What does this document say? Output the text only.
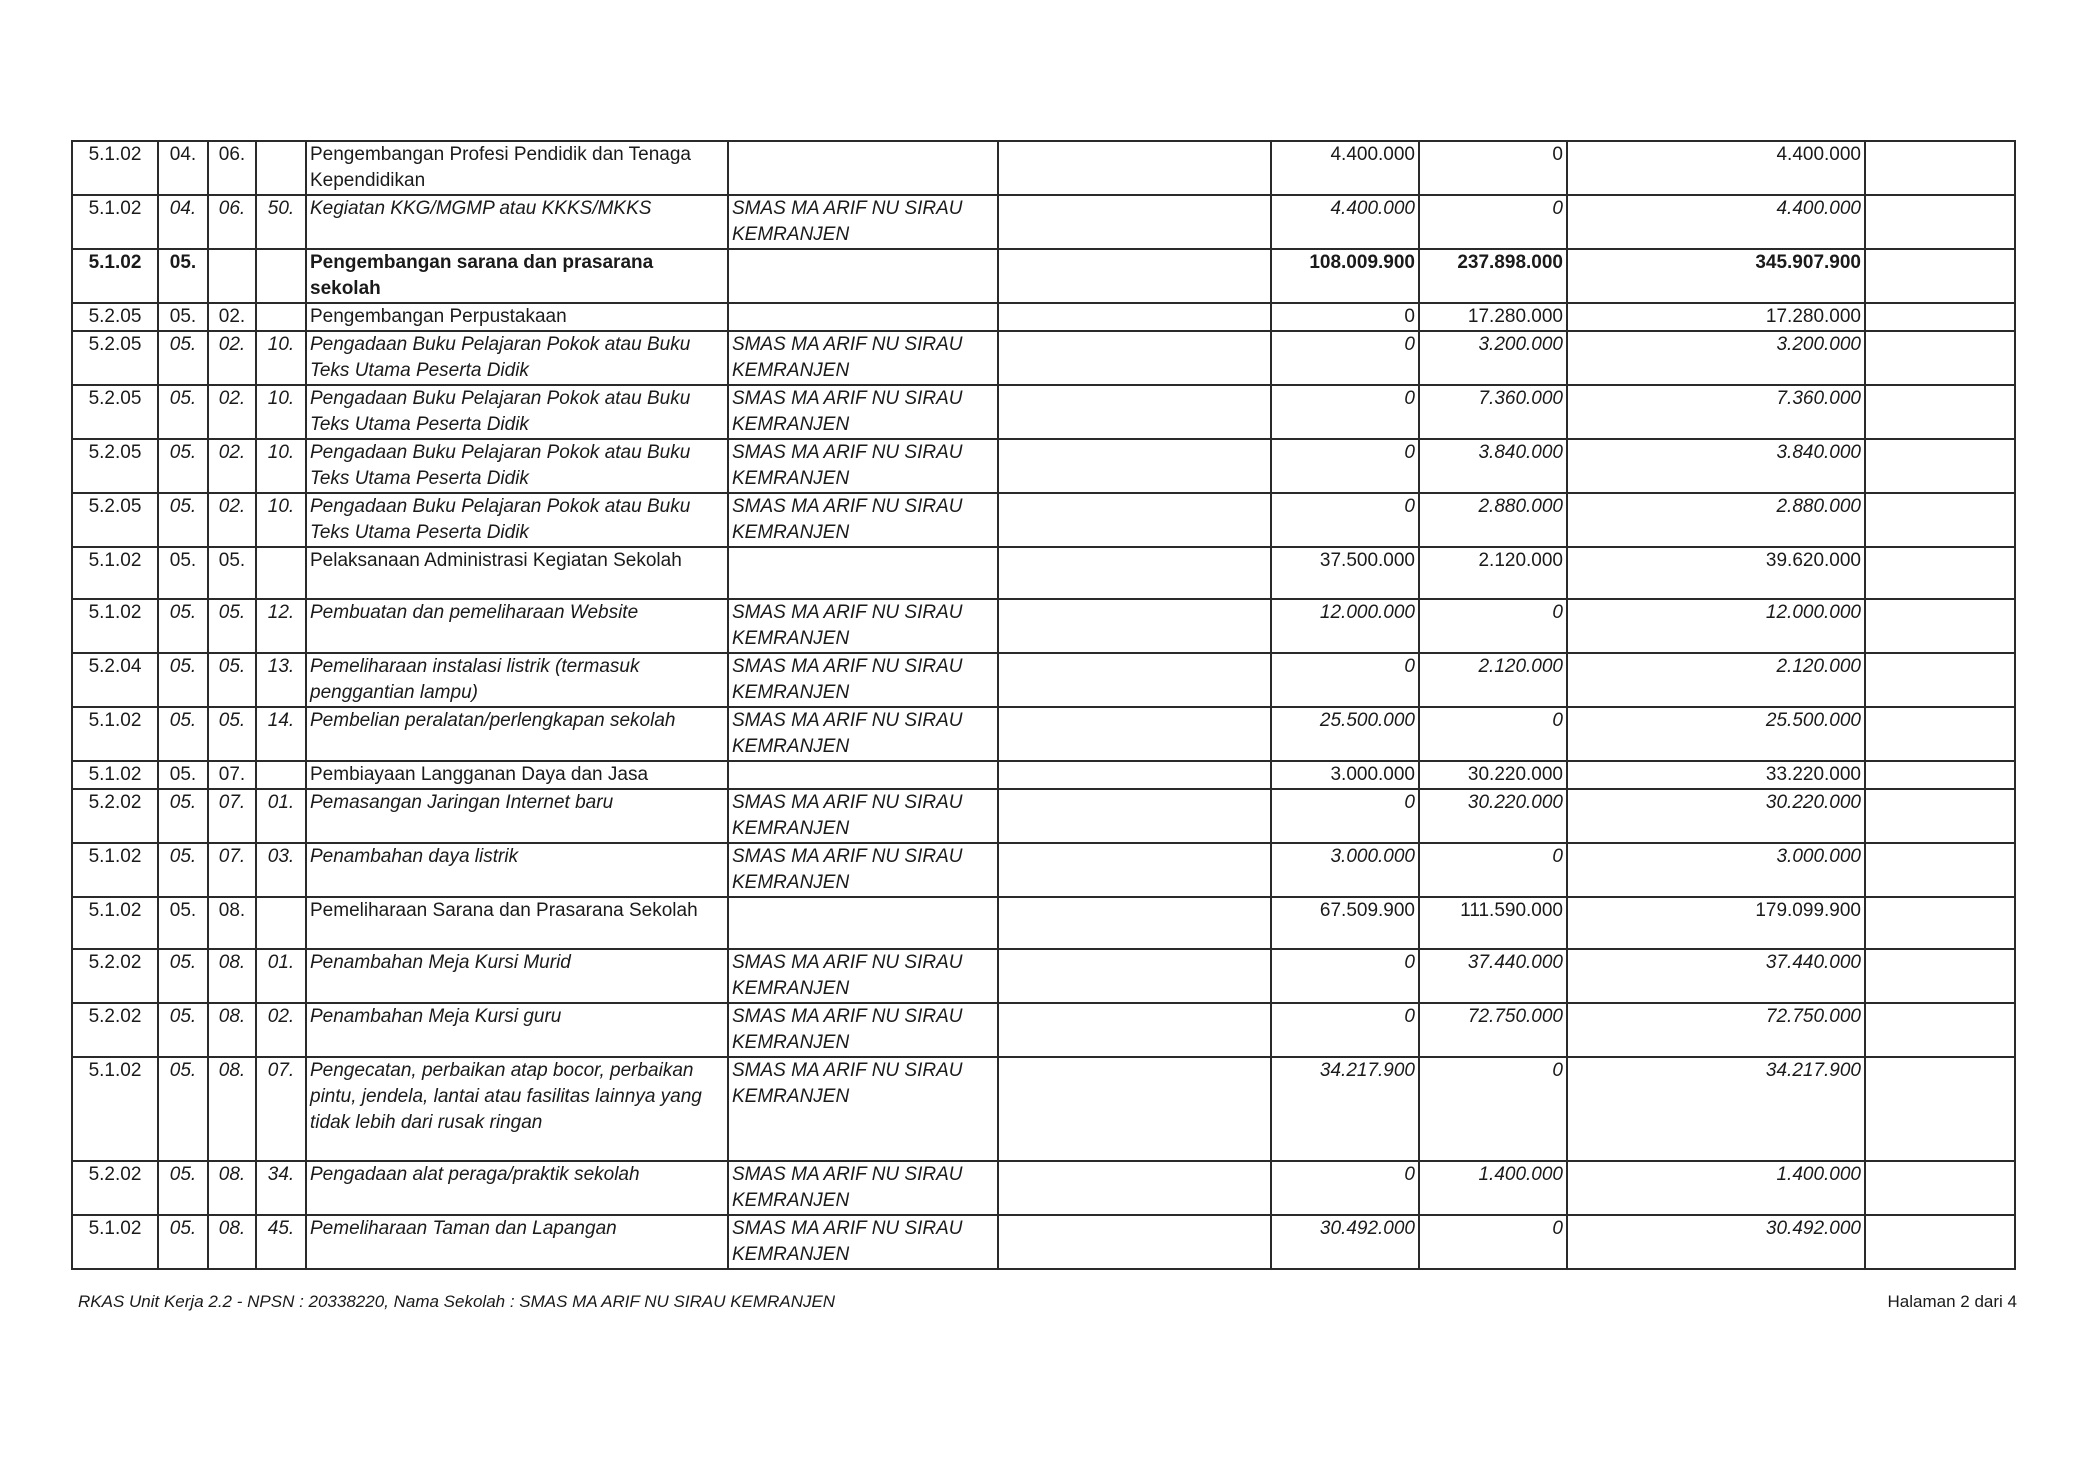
5.1.02	04.	06.		Pengembangan Profesi Pendidik dan Tenaga Kependidikan			4.400.000	0	4.400.000	
5.1.02	04.	06.	50.	Kegiatan KKG/MGMP atau KKKS/MKKS	SMAS MA ARIF NU SIRAU KEMRANJEN		4.400.000	0	4.400.000	
5.1.02	05.			Pengembangan sarana dan prasarana sekolah			108.009.900	237.898.000	345.907.900	
5.2.05	05.	02.		Pengembangan Perpustakaan			0	17.280.000	17.280.000	
5.2.05	05.	02.	10.	Pengadaan Buku Pelajaran Pokok atau Buku Teks Utama Peserta Didik	SMAS MA ARIF NU SIRAU KEMRANJEN		0	3.200.000	3.200.000	
5.2.05	05.	02.	10.	Pengadaan Buku Pelajaran Pokok atau Buku Teks Utama Peserta Didik	SMAS MA ARIF NU SIRAU KEMRANJEN		0	7.360.000	7.360.000	
5.2.05	05.	02.	10.	Pengadaan Buku Pelajaran Pokok atau Buku Teks Utama Peserta Didik	SMAS MA ARIF NU SIRAU KEMRANJEN		0	3.840.000	3.840.000	
5.2.05	05.	02.	10.	Pengadaan Buku Pelajaran Pokok atau Buku Teks Utama Peserta Didik	SMAS MA ARIF NU SIRAU KEMRANJEN		0	2.880.000	2.880.000	
5.1.02	05.	05.		Pelaksanaan Administrasi Kegiatan Sekolah			37.500.000	2.120.000	39.620.000	
5.1.02	05.	05.	12.	Pembuatan dan pemeliharaan Website	SMAS MA ARIF NU SIRAU KEMRANJEN		12.000.000	0	12.000.000	
5.2.04	05.	05.	13.	Pemeliharaan instalasi listrik (termasuk penggantian lampu)	SMAS MA ARIF NU SIRAU KEMRANJEN		0	2.120.000	2.120.000	
5.1.02	05.	05.	14.	Pembelian peralatan/perlengkapan sekolah	SMAS MA ARIF NU SIRAU KEMRANJEN		25.500.000	0	25.500.000	
5.1.02	05.	07.		Pembiayaan Langganan Daya dan Jasa			3.000.000	30.220.000	33.220.000	
5.2.02	05.	07.	01.	Pemasangan Jaringan Internet baru	SMAS MA ARIF NU SIRAU KEMRANJEN		0	30.220.000	30.220.000	
5.1.02	05.	07.	03.	Penambahan daya listrik	SMAS MA ARIF NU SIRAU KEMRANJEN		3.000.000	0	3.000.000	
5.1.02	05.	08.		Pemeliharaan Sarana dan Prasarana Sekolah			67.509.900	111.590.000	179.099.900	
5.2.02	05.	08.	01.	Penambahan Meja Kursi Murid	SMAS MA ARIF NU SIRAU KEMRANJEN		0	37.440.000	37.440.000	
5.2.02	05.	08.	02.	Penambahan Meja Kursi guru	SMAS MA ARIF NU SIRAU KEMRANJEN		0	72.750.000	72.750.000	
5.1.02	05.	08.	07.	Pengecatan, perbaikan atap bocor, perbaikan pintu, jendela, lantai atau fasilitas lainnya yang tidak lebih dari rusak ringan	SMAS MA ARIF NU SIRAU KEMRANJEN		34.217.900	0	34.217.900	
5.2.02	05.	08.	34.	Pengadaan alat peraga/praktik sekolah	SMAS MA ARIF NU SIRAU KEMRANJEN		0	1.400.000	1.400.000	
5.1.02	05.	08.	45.	Pemeliharaan Taman dan Lapangan	SMAS MA ARIF NU SIRAU KEMRANJEN		30.492.000	0	30.492.000	
RKAS Unit Kerja 2.2 - NPSN : 20338220, Nama Sekolah : SMAS MA ARIF NU SIRAU KEMRANJEN	Halaman 2 dari 4
